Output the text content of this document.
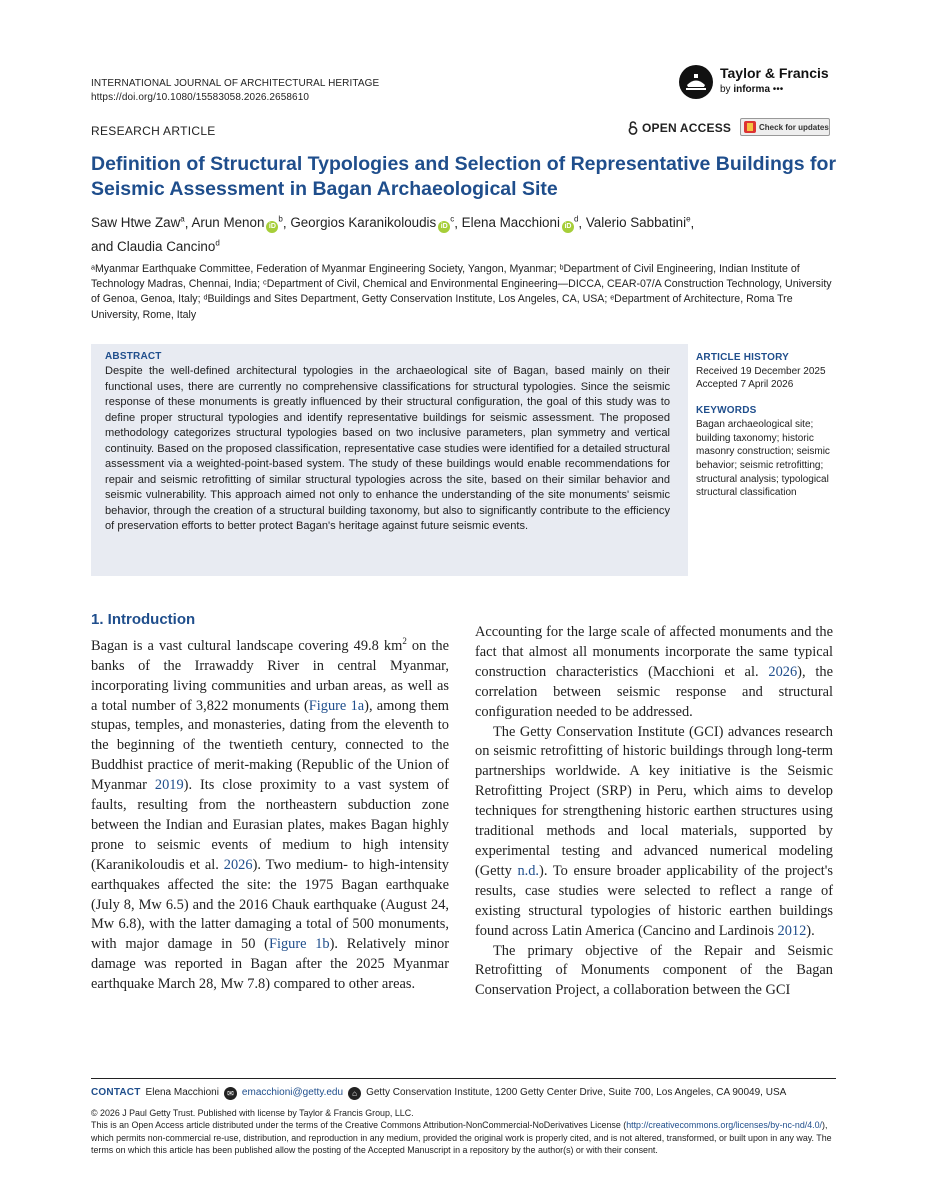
INTERNATIONAL JOURNAL OF ARCHITECTURAL HERITAGE
https://doi.org/10.1080/15583058.2026.2658610
Taylor & Francis
by informa •••
RESEARCH ARTICLE	OPEN ACCESS	Check for updates
Definition of Structural Typologies and Selection of Representative Buildings for Seismic Assessment in Bagan Archaeological Site
Saw Htwe Zaw$^a$, Arun Menon $iD^b$, Georgios Karanikoloudis $iD^c$, Elena Macchioni $iD^d$, Valerio Sabbatini$^e$,
and Claudia Cancino$^d$
ᵃMyanmar Earthquake Committee, Federation of Myanmar Engineering Society, Yangon, Myanmar; ᵇDepartment of Civil Engineering, Indian Institute of Technology Madras, Chennai, India; ᶜDepartment of Civil, Chemical and Environmental Engineering—DICCA, CEAR-07/A Construction Technology, University of Genoa, Genoa, Italy; ᵈBuildings and Sites Department, Getty Conservation Institute, Los Angeles, CA, USA; ᵉDepartment of Architecture, Roma Tre University, Rome, Italy
ABSTRACT
Despite the well-defined architectural typologies in the archaeological site of Bagan, based mainly on their functional uses, there are currently no comprehensive classifications for structural typologies. Since the seismic response of these monuments is greatly influenced by their structural configuration, the goal of this study was to define proper structural typologies and identify representative buildings for seismic assessment. The proposed methodology categorizes structural typologies based on two inclusive parameters, plan symmetry and vertical continuity. Based on the proposed classification, representative case studies were identified for a detailed structural assessment via a weighted-point-based system. The study of these buildings would enable recommendations for repair and seismic retrofitting of similar structural typologies across the site, based on their similar behavior and seismic vulnerability. This approach aimed not only to enhance the understanding of the site monuments' seismic behavior, through the creation of a structural building taxonomy, but also to significantly contribute to the efficiency of preservation efforts to better protect Bagan's heritage against future seismic events.
ARTICLE HISTORY
Received 19 December 2025
Accepted 7 April 2026
KEYWORDS
Bagan archaeological site; building taxonomy; historic masonry construction; seismic behavior; seismic retrofitting; structural analysis; typological structural classification
1. Introduction

Bagan is a vast cultural landscape covering 49.8 $km^2$ on the banks of the Irrawaddy River in central Myanmar, incorporating living communities and urban areas, as well as a total number of 3,822 monuments (Figure 1a), among them stupas, temples, and monasteries, dating from the eleventh to the beginning of the twentieth century, connected to the Buddhist practice of merit-making (Republic of the Union of Myanmar 2019). Its close proximity to a vast system of faults, resulting from the northeastern subduction zone between the Indian and Eurasian plates, makes Bagan highly prone to seismic events of medium to high intensity (Karanikoloudis et al. 2026). Two medium- to high-intensity earthquakes affected the site: the 1975 Bagan earthquake (July 8, Mw 6.5) and the 2016 Chauk earthquake (August 24, Mw 6.8), with the latter damaging a total of 500 monuments, with major damage in 50 (Figure 1b). Relatively minor damage was reported in Bagan after the 2025 Myanmar earthquake March 28, Mw 7.8) compared to other areas.

Accounting for the large scale of affected monuments and the fact that almost all monuments incorporate the same typical construction characteristics (Macchioni et al. 2026), the correlation between seismic response and structural configuration needed to be addressed.

The Getty Conservation Institute (GCI) advances research on seismic retrofitting of historic buildings through long-term partnerships worldwide. A key initiative is the Seismic Retrofitting Project (SRP) in Peru, which aims to develop techniques for strengthening historic earthen structures using traditional methods and local materials, supported by experimental testing and advanced numerical modeling (Getty n.d.). To ensure broader applicability of the project's results, case studies were selected to reflect a range of existing structural typologies of historic earthen buildings found across Latin America (Cancino and Lardinois 2012).

The primary objective of the Repair and Seismic Retrofitting of Monuments component of the Bagan Conservation Project, a collaboration between the GCI

CONTACT Elena Macchioni	✉ emacchioni@getty.edu	⌂ Getty Conservation Institute, 1200 Getty Center Drive, Suite 700, Los Angeles, CA 90049, USA
© 2026 J Paul Getty Trust. Published with license by Taylor & Francis Group, LLC.
This is an Open Access article distributed under the terms of the Creative Commons Attribution-NonCommercial-NoDerivatives License (http://creativecommons.org/licenses/by-nc-nd/4.0/), which permits non-commercial re-use, distribution, and reproduction in any medium, provided the original work is properly cited, and is not altered, transformed, or built upon in any way. The terms on which this article has been published allow the posting of the Accepted Manuscript in a repository by the author(s) or with their consent.
